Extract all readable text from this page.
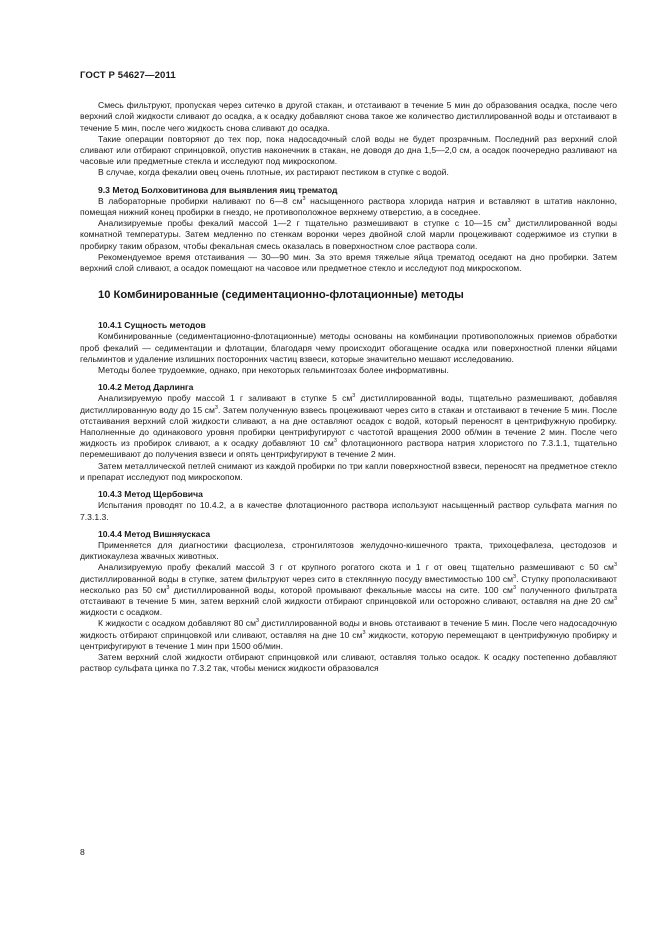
ГОСТ Р 54627—2011
Смесь фильтруют, пропуская через ситечко в другой стакан, и отстаивают в течение 5 мин до образования осадка, после чего верхний слой жидкости сливают до осадка, а к осадку добавляют снова такое же количество дистиллированной воды и отстаивают в течение 5 мин, после чего жидкость снова сливают до осадка.
Такие операции повторяют до тех пор, пока надосадочный слой воды не будет прозрачным. Последний раз верхний слой сливают или отбирают спринцовкой, опустив наконечник в стакан, не доводя до дна 1,5—2,0 см, а осадок поочередно разливают на часовые или предметные стекла и исследуют под микроскопом.
В случае, когда фекалии овец очень плотные, их растирают пестиком в ступке с водой.
9.3 Метод Болховитинова для выявления яиц трематод
В лабораторные пробирки наливают по 6—8 $см^3$ насыщенного раствора хлорида натрия и вставляют в штатив наклонно, помещая нижний конец пробирки в гнездо, не противоположное верхнему отверстию, а в соседнее.
Анализируемые пробы фекалий массой 1—2 г тщательно размешивают в ступке с 10—15 $см^3$ дистиллированной воды комнатной температуры. Затем медленно по стенкам воронки через двойной слой марли процеживают содержимое из ступки в пробирку таким образом, чтобы фекальная смесь оказалась в поверхностном слое раствора соли.
Рекомендуемое время отстаивания — 30—90 мин. За это время тяжелые яйца трематод оседают на дно пробирки. Затем верхний слой сливают, а осадок помещают на часовое или предметное стекло и исследуют под микроскопом.
10 Комбинированные (седиментационно-флотационные) методы
10.4.1 Сущность методов
Комбинированные (седиментационно-флотационные) методы основаны на комбинации противоположных приемов обработки проб фекалий — седиментации и флотации, благодаря чему происходит обогащение осадка или поверхностной пленки яйцами гельминтов и удаление излишних посторонних частиц взвеси, которые значительно мешают исследованию.
Методы более трудоемкие, однако, при некоторых гельминтозах более информативны.
10.4.2 Метод Дарлинга
Анализируемую пробу массой 1 г заливают в ступке 5 $см^3$ дистиллированной воды, тщательно размешивают, добавляя дистиллированную воду до 15 $см^3$. Затем полученную взвесь процеживают через сито в стакан и отстаивают в течение 5 мин. После отстаивания верхний слой жидкости сливают, а на дне оставляют осадок с водой, который переносят в центрифужную пробирку. Наполненные до одинакового уровня пробирки центрифугируют с частотой вращения 2000 об/мин в течение 2 мин. После чего жидкость из пробирок сливают, а к осадку добавляют 10 $см^3$ флотационного раствора натрия хлористого по 7.3.1.1, тщательно перемешивают до получения взвеси и опять центрифугируют в течение 2 мин.
Затем металлической петлей снимают из каждой пробирки по три капли поверхностной взвеси, переносят на предметное стекло и препарат исследуют под микроскопом.
10.4.3 Метод Щербовича
Испытания проводят по 10.4.2, а в качестве флотационного раствора используют насыщенный раствор сульфата магния по 7.3.1.3.
10.4.4 Метод Вишняускаса
Применяется для диагностики фасциолеза, стронгилятозов желудочно-кишечного тракта, трихоцефалеза, цестодозов и диктиокаулеза жвачных животных.
Анализируемую пробу фекалий массой 3 г от крупного рогатого скота и 1 г от овец тщательно размешивают с 50 $см^3$ дистиллированной воды в ступке, затем фильтруют через сито в стеклянную посуду вместимостью 100 $см^3$. Ступку прополаскивают несколько раз 50 $см^3$ дистиллированной воды, которой промывают фекальные массы на сите. 100 $см^3$ полученного фильтрата отстаивают в течение 5 мин, затем верхний слой жидкости отбирают спринцовкой или осторожно сливают, оставляя на дне 20 $см^3$ жидкости с осадком.
К жидкости с осадком добавляют 80 $см^3$ дистиллированной воды и вновь отстаивают в течение 5 мин. После чего надосадочную жидкость отбирают спринцовкой или сливают, оставляя на дне 10 $см^3$ жидкости, которую перемещают в центрифужную пробирку и центрифугируют в течение 1 мин при 1500 об/мин.
Затем верхний слой жидкости отбирают спринцовкой или сливают, оставляя только осадок. К осадку постепенно добавляют раствор сульфата цинка по 7.3.2 так, чтобы мениск жидкости образовался
8
